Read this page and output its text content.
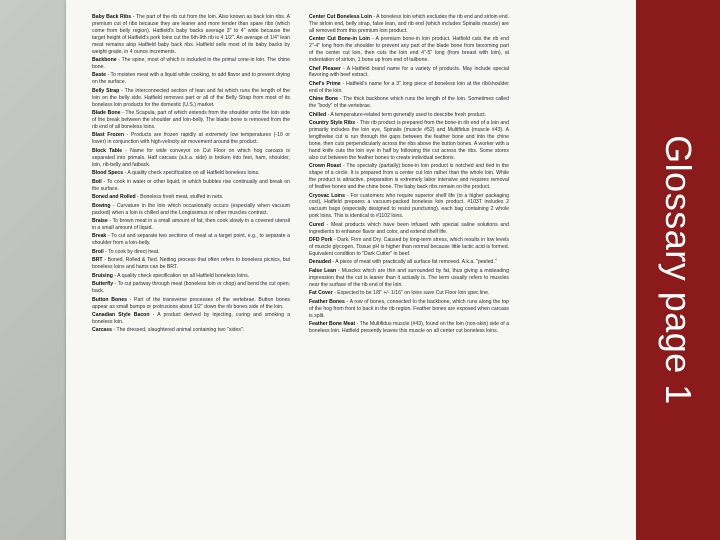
Baby Back Ribs - The part of the rib cut from the loin. Also known as back loin ribs. A premium cut of ribs because they are leaner and more tender than spare ribs (which come from belly region). Hatfield's baby backs average 3" to 4" wide because the target height of Hatfield's pork loins cut the 6th-9th rib is 4 1/2". An average of 1/4" lean meat remains atop Hatfield baby back ribs. Hatfield sells most of its baby backs by weight grade, in 4 ounce increments.

Backbone - The spine, most of which is included in the primal cone-in loin. The chine bone.

Baste - To moisten meat with a liquid while cooking, to add flavor and to prevent drying on the surface.

Belly Strap - The interconnected section of lean and fat which runs the length of the loin on the belly side. Hatfield removes part or all of the Belly Strap from most of its boneless loin products for the domestic (U.S.) market.

Blade Bone - The Scapula, part of which extends from the shoulder onto the loin side of the break between the shoulder and loin-belly. The blade bone is removed from the rib end of all boneless loins.

Blast Frozen - Products are frozen rapidly at extremely low temperatures (-10 or lower) in conjunction with high-velocity air movement around the product.

Block Table - Name for wide conveyor on Cut Floor on which hog carcass is separated into primals. Half carcass (a.k.a. side) is broken into feet, ham, shoulder, loin, rib-belly and fatback.

Blood Specs - A quality check specification on all Hatfield boneless loins.

Boil - To cook in water or other liquid, in which bubbles rise continually and break on the surface.

Boned and Rolled - Boneless fresh meat, stuffed in nets.

Bowing - Curvature in the loin which occasionally occurs (especially when vacuum packed) when a loin is chilled and the Longissimus or other muscles contract.

Braise - To brown meat in a small amount of fat, then cook slowly in a covered utensil in a small amount of liquid.

Break - To cut and separate two sections of meat at a target point, e.g., to separate a shoulder from a loin-belly.

Broil - To cook by direct heat.

BRT - Boned, Rolled & Tied. Netting process that often refers to boneless picnics, but boneless loins and hams can be BRT.

Bruising - A quality check specification on all Hatfield boneless loins.

Butterfly - To cut partway through meat (boneless loin or chop) and bend the cut open, back.

Button Bones - Part of the transverse processes of the vertebrae. Button bones appear as small bumps or protrusions about 1/2" down the rib bones side of the loin.

Canadian Style Bacon - A product derived by injecting, curing and smoking a boneless loin.

Carcass - The dressed, slaughtered animal containing two "sides".

Center Cut Boneless Loin - A boneless loin which excludes the rib end and sirloin end. The sirloin end, belly strap, false lean, and rib end (which includes Spinalis muscle) are all removed from this premium loin product.

Center Cut Bone-in Loin - A premium bone-in loin product. Hatfield cuts the rib end 2"-4" long from the shoulder to prevent any part of the blade bone from becoming part of the center cut loin, then cuts the loin end 4"-5" long (from breast with loin), at indentation of sirloin, 1 bone up from end of tailbone.

Chef Pleaser - A Hatfield brand name for a variety of products. May include special flavoring with beef extract.

Chef's Prime - Hatfield's name for a 3" long piece of boneless loin at the rib/shoulder end of the loin.

Chine Bone - The thick backbone which runs the length of the loin. Sometimes called the "body" of the vertebrae.

Chilled - A temperature-related term generally used to describe fresh product.

Country Style Ribs - This rib product is prepared from the bone-in rib end of a loin and primarily includes the loin eye, Spinalis (muscle #52) and Multifidus (muscle #43). A lengthwise cut is run through the gaps between the feather bone and into the chine bone, then cuts perpendicularly across the ribs above the button bones. A worker with a hand knife cuts the loin eye in half by following the cut across the ribs. Some stores also cut between the feather bones to create individual sections.

Crown Roast - The specialty (partially) bone-in loin product is notched and tied in the shape of a circle. It is prepared from a center cut loin rather than the whole loin. While the product is attractive, preparation is extremely labor intensive and requires removal of feather bones and the chine bone. The baby back ribs remain on the product.

Cryovac Loins - For customers who require superior shelf life (in a higher packaging cost), Hatfield prepares a vacuum-packed boneless loin product. #103T includes 2 vacuum bags (especially designed to resist puncturing), each bag containing 2 whole pork loins. This is identical to #1102 loins.

Cured - Meat products which have been infused with special saline solutions and ingredients to enhance flavor and color, and extend shelf life.

DFD Pork - Dark, Firm and Dry. Caused by long-term stress, which results in low levels of muscle glycogen. Tissue pH is higher than normal because little lactic acid is formed. Equivalent condition to "Dark Cutter" in beef.

Denuded - A piece of meat with practically all surface fat removed. A.k.a. "peeled."

False Lean - Muscles which are thin and surrounded by fat, thus giving a misleading impression that the cut is leaner than it actually is. The term usually refers to muscles near the surface of the rib end of the loin.

Fat Cover - Expected to be 1/8" +/- 1/16" on loins save Cut Floor loin spec line.

Feather Bones - A row of bones, connected to the backbone, which runs along the top of the hog from front to back in the rib region. Feather bones are exposed when carcass is split.

Feather Bone Meat - The Multifidus muscle (#43), found on the loin (non-skin) side of a boneless loin. Hatfield presently leaves this muscle on all center cut boneless loins.	Glossary page 1
